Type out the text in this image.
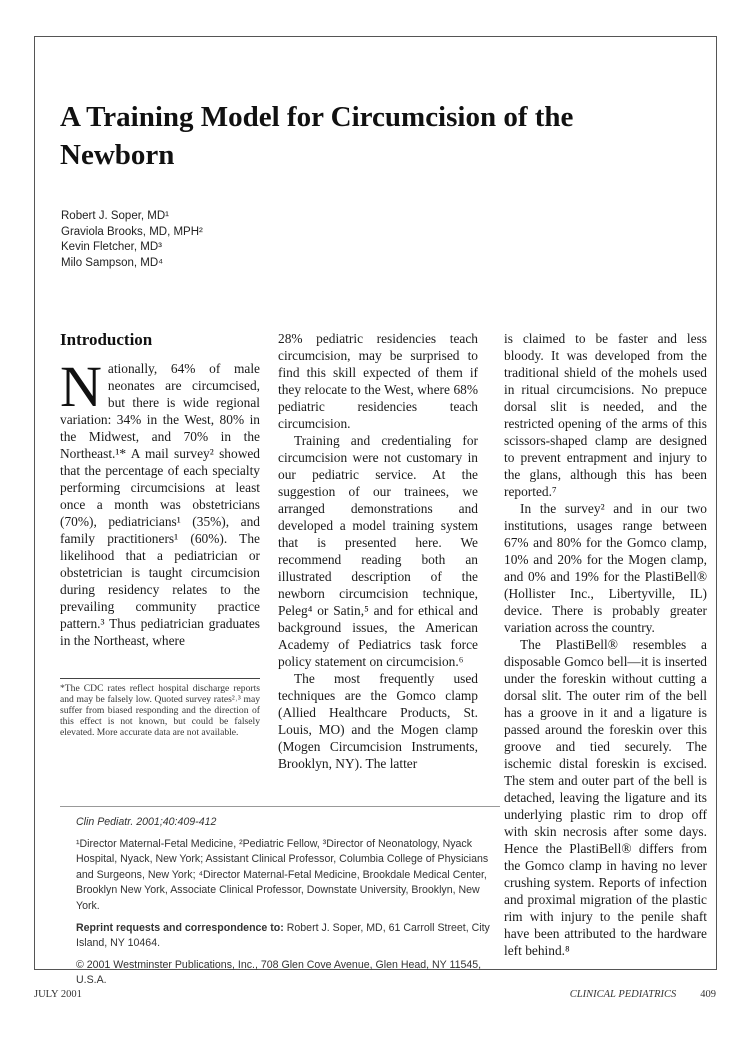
A Training Model for Circumcision of the Newborn
Robert J. Soper, MD¹
Graviola Brooks, MD, MPH²
Kevin Fletcher, MD³
Milo Sampson, MD⁴
Introduction

Nationally, 64% of male neonates are circumcised, but there is wide regional variation: 34% in the West, 80% in the Midwest, and 70% in the Northeast.¹* A mail survey² showed that the percentage of each specialty performing circumcisions at least once a month was obstetricians (70%), pediatricians¹ (35%), and family practitioners¹ (60%). The likelihood that a pediatrician or obstetrician is taught circumcision during residency relates to the prevailing community practice pattern.³ Thus pediatrician graduates in the Northeast, where

*The CDC rates reflect hospital discharge reports and may be falsely low. Quoted survey rates²˒³ may suffer from biased responding and the direction of this effect is not known, but could be falsely elevated. More accurate data are not available.

28% pediatric residencies teach circumcision, may be surprised to find this skill expected of them if they relocate to the West, where 68% pediatric residencies teach circumcision.

Training and credentialing for circumcision were not customary in our pediatric service. At the suggestion of our trainees, we arranged demonstrations and developed a model training system that is presented here. We recommend reading both an illustrated description of the newborn circumcision technique, Peleg⁴ or Satin,⁵ and for ethical and background issues, the American Academy of Pediatrics task force policy statement on circumcision.⁶

The most frequently used techniques are the Gomco clamp (Allied Healthcare Products, St. Louis, MO) and the Mogen clamp (Mogen Circumcision Instruments, Brooklyn, NY). The latter

is claimed to be faster and less bloody. It was developed from the traditional shield of the mohels used in ritual circumcisions. No prepuce dorsal slit is needed, and the restricted opening of the arms of this scissors-shaped clamp are designed to prevent entrapment and injury to the glans, although this has been reported.⁷

In the survey² and in our two institutions, usages range between 67% and 80% for the Gomco clamp, 10% and 20% for the Mogen clamp, and 0% and 19% for the PlastiBell® (Hollister Inc., Libertyville, IL) device. There is probably greater variation across the country.

The PlastiBell® resembles a disposable Gomco bell—it is inserted under the foreskin without cutting a dorsal slit. The outer rim of the bell has a groove in it and a ligature is passed around the foreskin over this groove and tied securely. The ischemic distal foreskin is excised. The stem and outer part of the bell is detached, leaving the ligature and its underlying plastic rim to drop off with skin necrosis after some days. Hence the PlastiBell® differs from the Gomco clamp in having no lever crushing system. Reports of infection and proximal migration of the plastic rim with injury to the penile shaft have been attributed to the hardware left behind.⁸

Clin Pediatr. 2001;40:409-412
¹Director Maternal-Fetal Medicine, ²Pediatric Fellow, ³Director of Neonatology, Nyack Hospital, Nyack, New York; Assistant Clinical Professor, Columbia College of Physicians and Surgeons, New York; ⁴Director Maternal-Fetal Medicine, Brookdale Medical Center, Brooklyn New York, Associate Clinical Professor, Downstate University, Brooklyn, New York.
Reprint requests and correspondence to: Robert J. Soper, MD, 61 Carroll Street, City Island, NY 10464.
© 2001 Westminster Publications, Inc., 708 Glen Cove Avenue, Glen Head, NY 11545, U.S.A.
JULY 2001	CLINICAL PEDIATRICS 409
